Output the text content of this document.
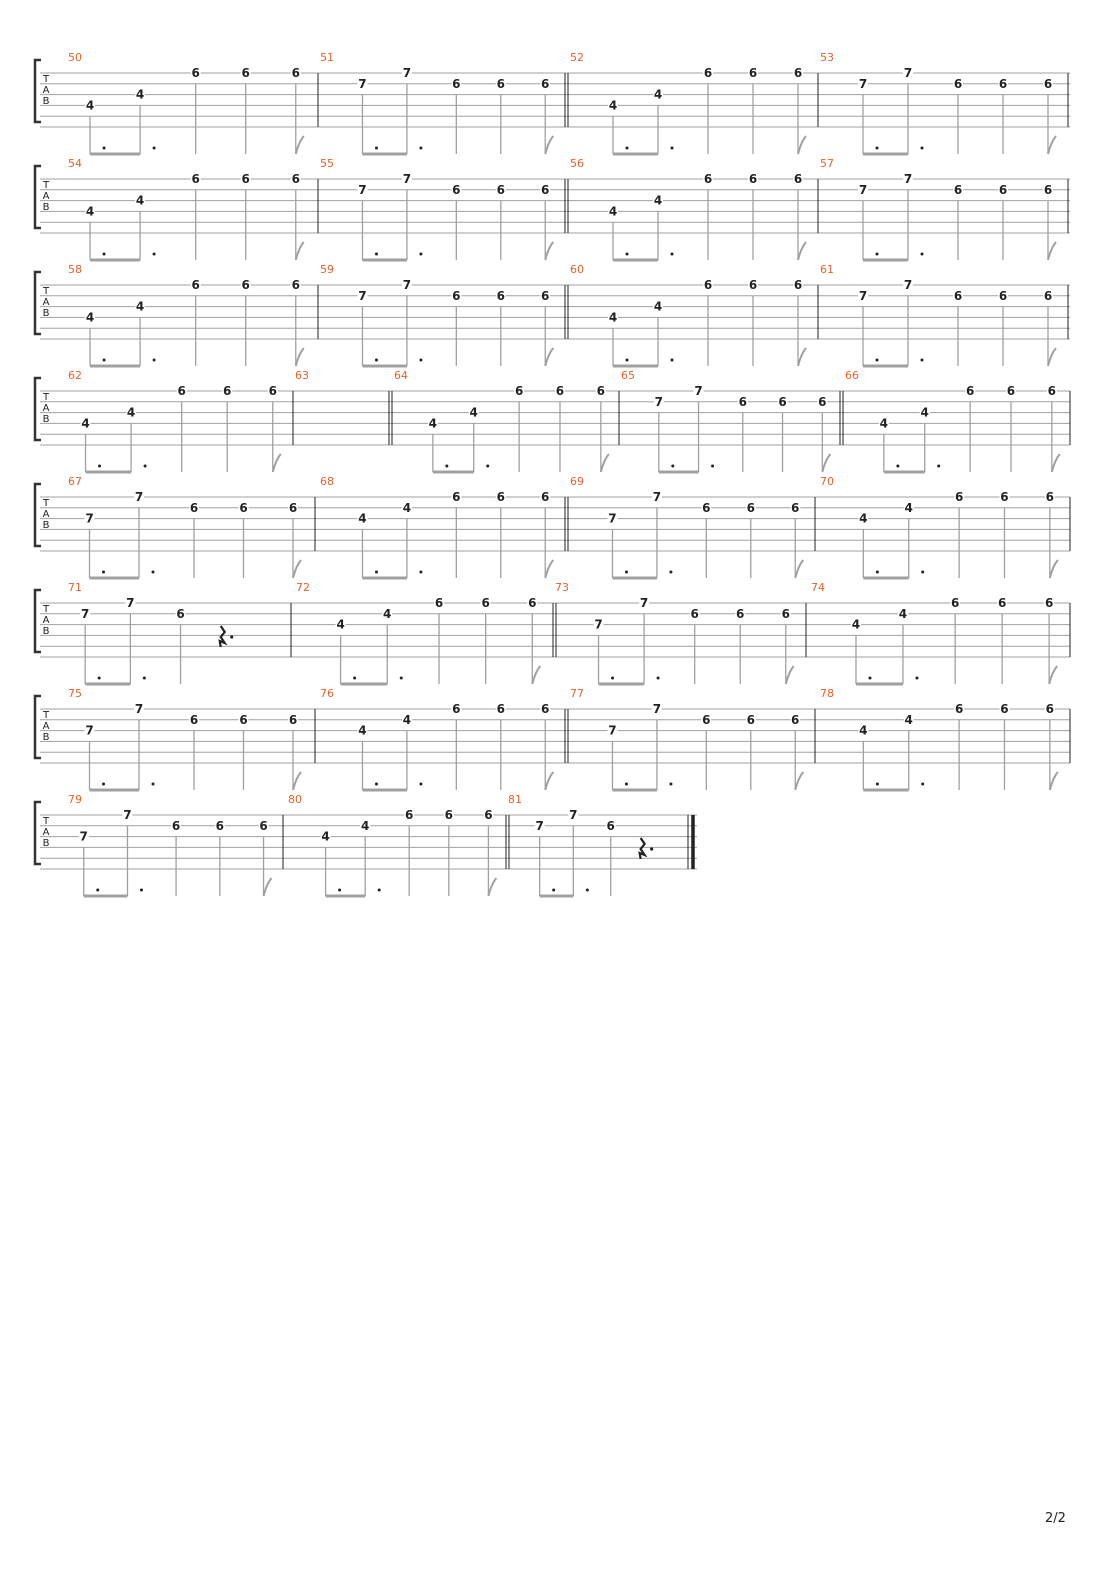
T
A
B
50
4
4
6	6	6
51
7
7
6	6	6
52
4
4
6	6	6
53
7
7
6	6	6
T
A
B
54
4
4
6	6	6
55
7
7
6	6	6
56
4
4
6	6	6
57
7
7
6	6	6
T
A
B
58
4
4
6	6	6
59
7
7
6	6	6
60
4
4
6	6	6
61
7
7
6	6	6
T
A
B
62
4
4
6	6	6
63	64
4
4
6	6	6
65
7
7
6	6	6
66
4
4
6	6	6
T
A
B
67
7
7
6	6	6
68
4
4
6	6	6
69
7
7
6	6	6
70
4
4
6	6	6
T
A
B
71
7
7
6
72
4
4
6	6	6
73
7
7
6	6	6
74
4
4
6	6	6
T
A
B
75
7
7
6	6	6
76
4
4
6	6	6
77
7
7
6	6	6
78
4
4
6	6	6
T
A
B
79
7
7
6	6	6
80
4
4
6	6	6
81
7
7
6
2/2
